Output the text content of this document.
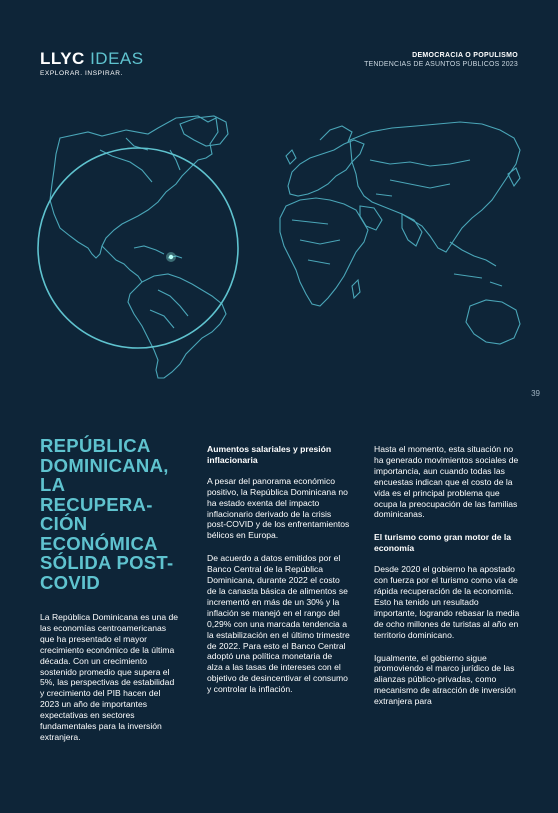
LLYC IDEAS
EXPLORAR. INSPIRAR.
DEMOCRACIA O POPULISMO
TENDENCIAS DE ASUNTOS PÚBLICOS 2023
39
REPÚBLICA DOMINICANA, LA RECUPERA-CIÓN ECONÓMICA SÓLIDA POST-COVID

La República Dominicana es una de las economías centroamericanas que ha presentado el mayor crecimiento económico de la última década. Con un crecimiento sostenido promedio que supera el 5%, las perspectivas de estabilidad y crecimiento del PIB hacen del 2023 un año de importantes expectativas en sectores fundamentales para la inversión extranjera.

Aumentos salariales y presión inflacionaria

A pesar del panorama económico positivo, la República Dominicana no ha estado exenta del impacto inflacionario derivado de la crisis post-COVID y de los enfrentamientos bélicos en Europa.

De acuerdo a datos emitidos por el Banco Central de la República Dominicana, durante 2022 el costo de la canasta básica de alimentos se incrementó en más de un 30% y la inflación se manejó en el rango del 0,29% con una marcada tendencia a la estabilización en el último trimestre de 2022. Para esto el Banco Central adoptó una política monetaria de alza a las tasas de intereses con el objetivo de desincentivar el consumo y controlar la inflación.

Hasta el momento, esta situación no ha generado movimientos sociales de importancia, aun cuando todas las encuestas indican que el costo de la vida es el principal problema que ocupa la preocupación de las familias dominicanas.

El turismo como gran motor de la economía

Desde 2020 el gobierno ha apostado con fuerza por el turismo como vía de rápida recuperación de la economía. Esto ha tenido un resultado importante, logrando rebasar la media de ocho millones de turistas al año en territorio dominicano.

Igualmente, el gobierno sigue promoviendo el marco jurídico de las alianzas público-privadas, como mecanismo de atracción de inversión extranjera para
